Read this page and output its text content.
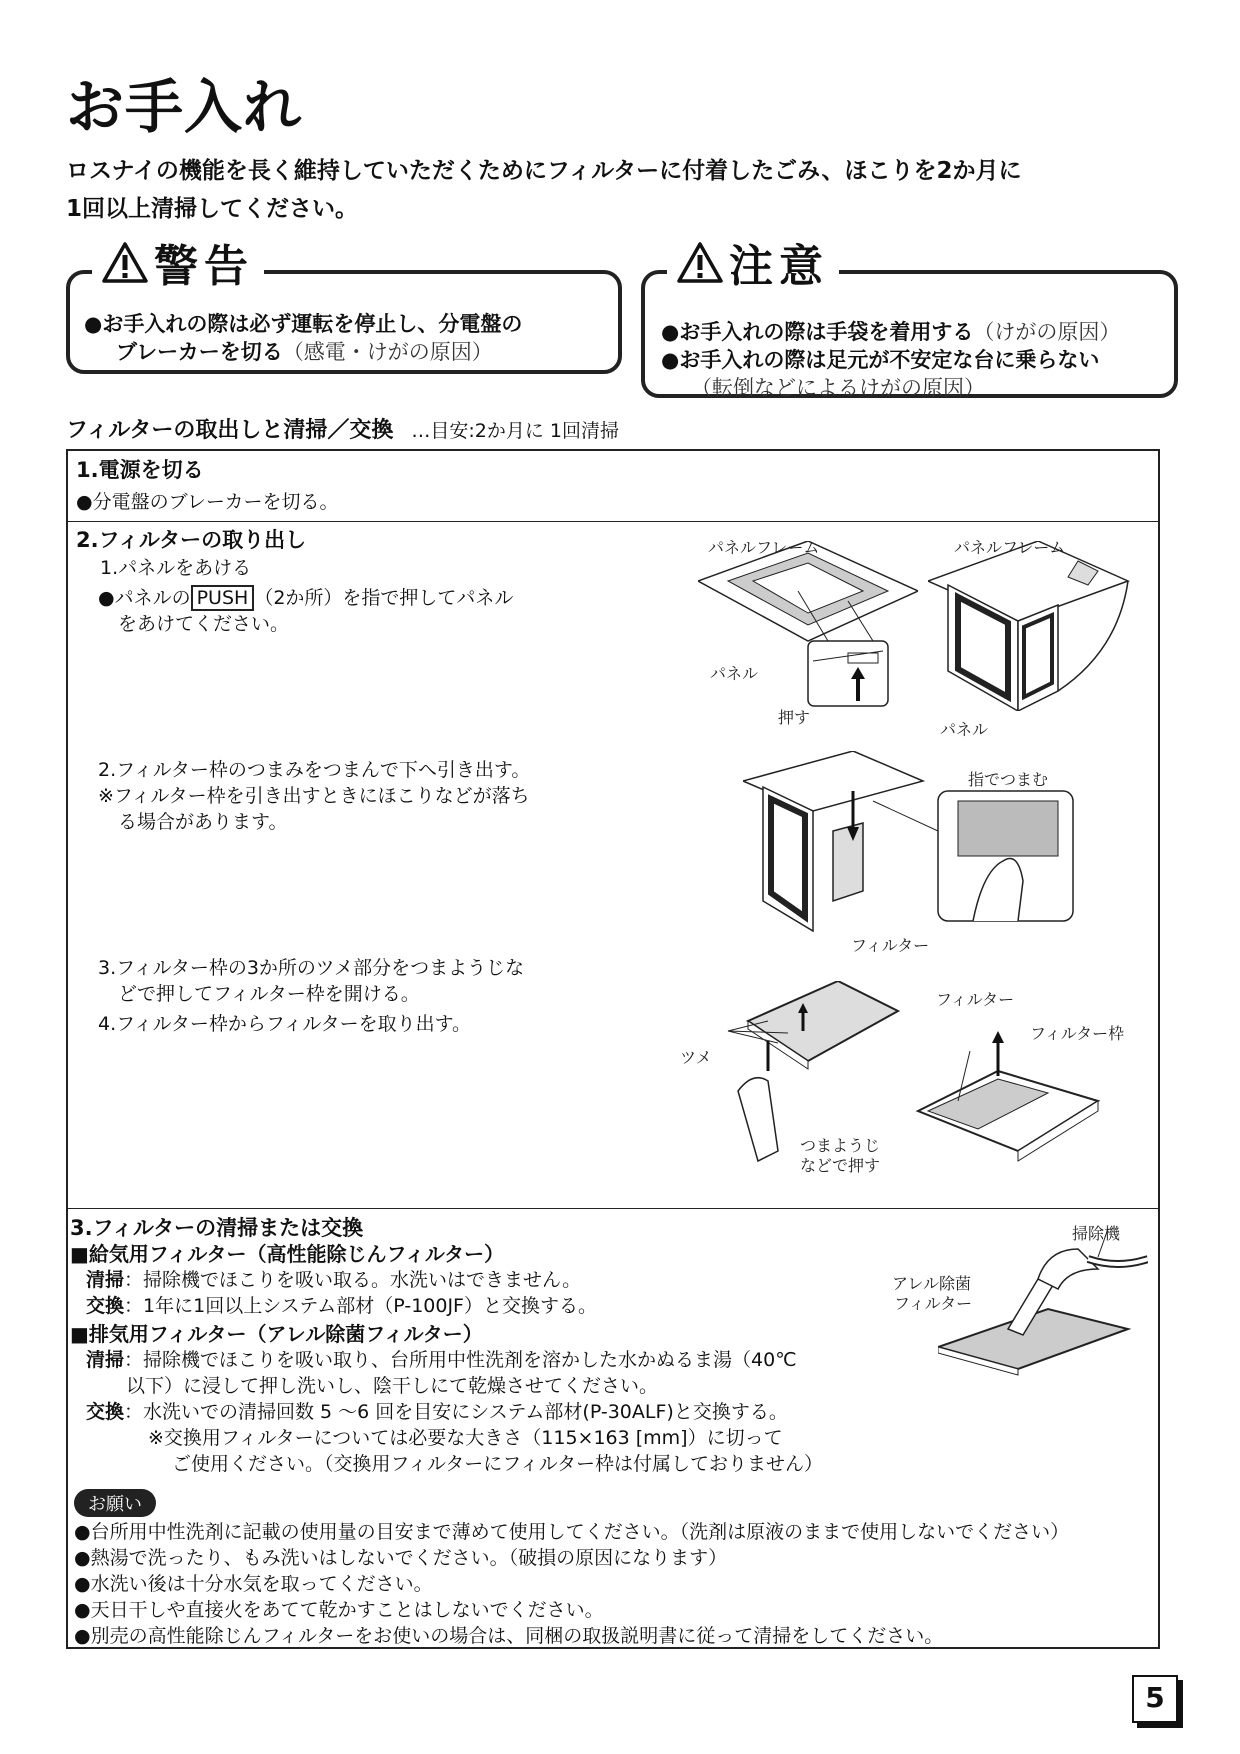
お手入れ
ロスナイの機能を長く維持していただくためにフィルターに付着したごみ、ほこりを2か月に
1回以上清掃してください。
警告
●お手入れの際は必ず運転を停止し、分電盤の
ブレーカーを切る（感電・けがの原因）
注意
●お手入れの際は手袋を着用する（けがの原因）
●お手入れの際は足元が不安定な台に乗らない
（転倒などによるけがの原因）
フィルターの取出しと清掃／交換 …目安:2か月に 1回清掃
1.電源を切る
●分電盤のブレーカーを切る。
2.フィルターの取り出し
1.パネルをあける
●パネルの PUSH （2か所）を指で押してパネル
をあけてください。
2.フィルター枠のつまみをつまんで下へ引き出す。
※フィルター枠を引き出すときにほこりなどが落ち
る場合があります。
3.フィルター枠の3か所のツメ部分をつまようじな
どで押してフィルター枠を開ける。
4.フィルター枠からフィルターを取り出す。
パネルフレーム
パネル
押す
パネルフレーム
パネル
指でつまむ
フィルター
フィルター
フィルター枠
ツメ
つまようじ
などで押す
3.フィルターの清掃または交換
■給気用フィルター（高性能除じんフィルター）
清掃：掃除機でほこりを吸い取る。水洗いはできません。
交換：1年に1回以上システム部材（P-100JF）と交換する。
■排気用フィルター（アレル除菌フィルター）
清掃：掃除機でほこりを吸い取り、台所用中性洗剤を溶かした水かぬるま湯（40℃
以下）に浸して押し洗いし、陰干しにて乾燥させてください。
交換：水洗いでの清掃回数 5 ～6 回を目安にシステム部材(P-30ALF)と交換する。
※交換用フィルターについては必要な大きさ（115×163 [mm]）に切って
ご使用ください。（交換用フィルターにフィルター枠は付属しておりません）
掃除機
アレル除菌
フィルター
お願い
●台所用中性洗剤に記載の使用量の目安まで薄めて使用してください。（洗剤は原液のままで使用しないでください）
●熱湯で洗ったり、もみ洗いはしないでください。（破損の原因になります）
●水洗い後は十分水気を取ってください。
●天日干しや直接火をあてて乾かすことはしないでください。
●別売の高性能除じんフィルターをお使いの場合は、同梱の取扱説明書に従って清掃をしてください。
5
